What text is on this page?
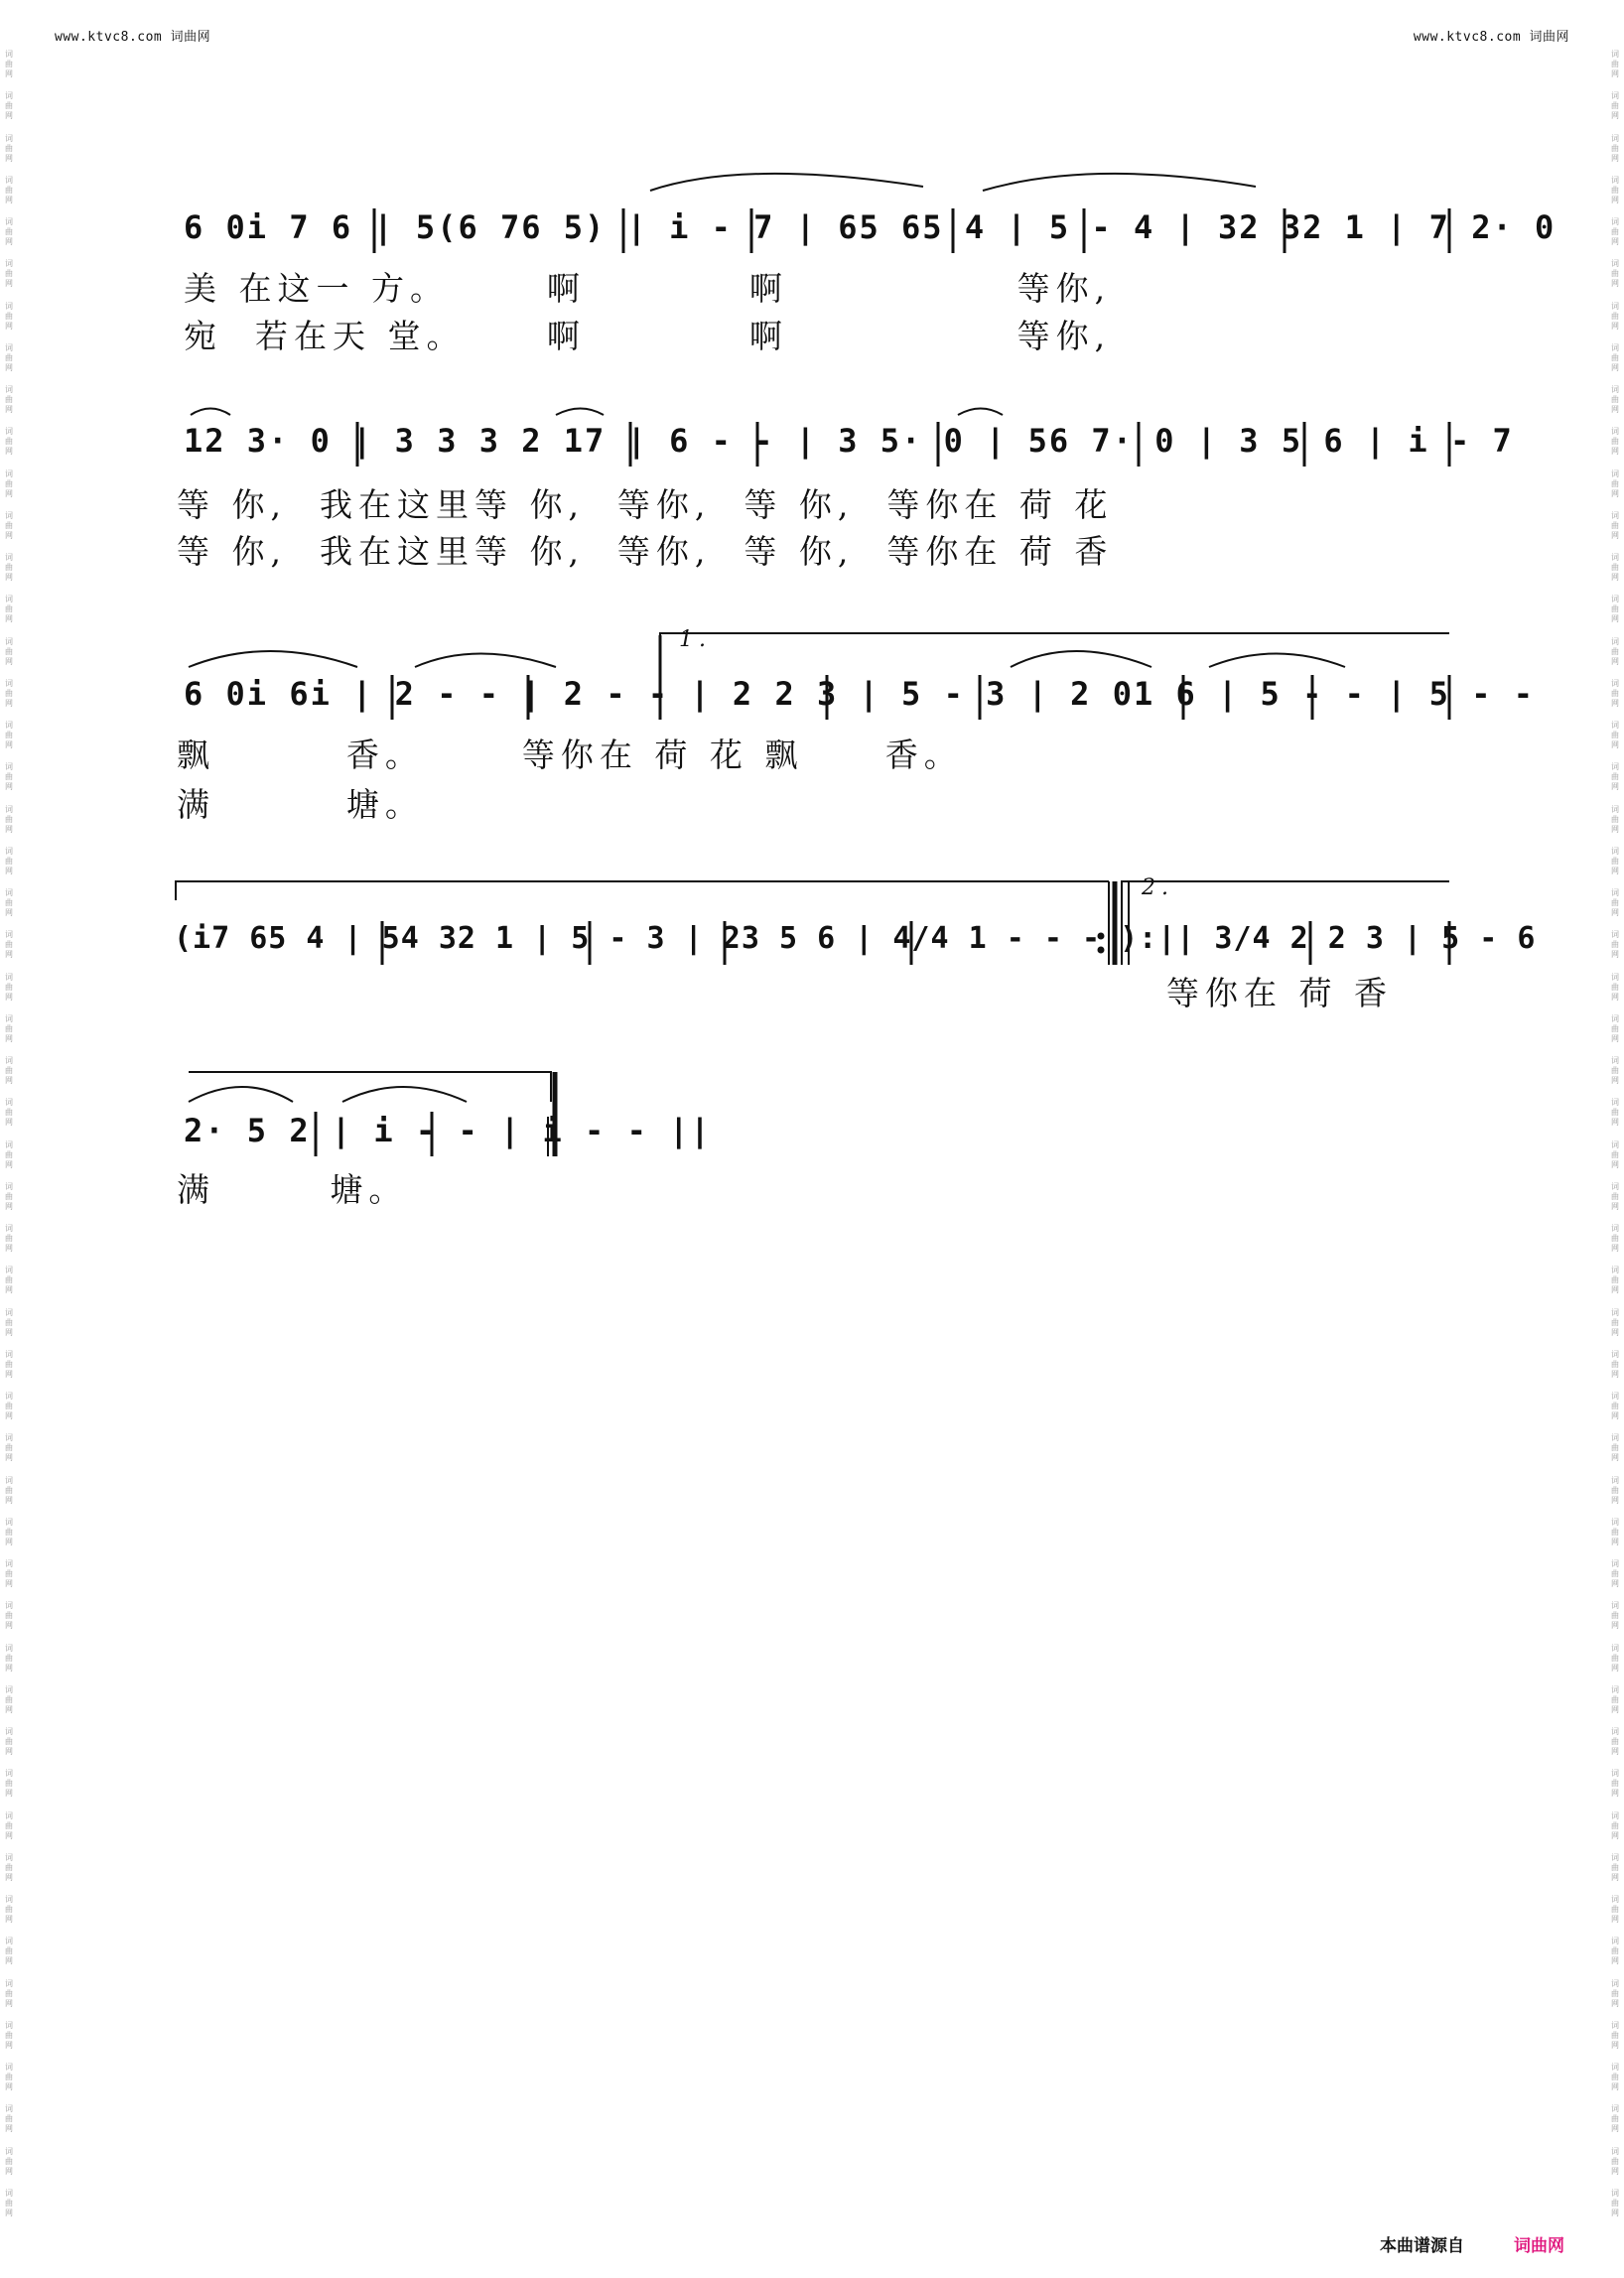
www.ktvc8.com 词曲网	www.ktvc8.com 词曲网
词曲网
词曲网
词曲网
词曲网
词曲网
词曲网
词曲网
词曲网
词曲网
词曲网
词曲网
词曲网
词曲网
词曲网
词曲网
词曲网
词曲网
词曲网
词曲网
词曲网
词曲网
词曲网
词曲网
词曲网
词曲网
词曲网
词曲网
词曲网
词曲网
词曲网
词曲网
词曲网
词曲网
词曲网
词曲网
词曲网
词曲网
词曲网
词曲网
词曲网
词曲网
词曲网
词曲网
词曲网
词曲网
词曲网
词曲网
词曲网
词曲网
词曲网
词曲网
词曲网
词曲网
词曲网
词曲网
词曲网
词曲网
词曲网
词曲网
词曲网
词曲网
词曲网
词曲网
词曲网
词曲网
词曲网
词曲网
词曲网
词曲网
词曲网
词曲网
词曲网
词曲网
词曲网
词曲网
词曲网
词曲网
词曲网
词曲网
词曲网
词曲网
词曲网
词曲网
词曲网
词曲网
词曲网
词曲网
词曲网
词曲网
词曲网
词曲网
词曲网
词曲网
词曲网
词曲网
词曲网
词曲网
词曲网
词曲网
词曲网
词曲网
词曲网
词曲网
词曲网
6 0i 7 6 | 5(6 76 5) | i - 7 | 65 65 4 | 5 - 4 | 32 32 1 | 7 2· 0
美 在这一 方。      啊          啊              等你,
宛  若在天 堂。     啊          啊              等你,
12 3· 0 | 3 3 3 2 17 | 6 - - | 3 5· 0 | 56 7· 0 | 3 5 6 | i - 7
等 你,  我在这里等 你,  等你,  等 你,  等你在 荷 花
等 你,  我在这里等 你,  等你,  等 你,  等你在 荷 香
1.
6 0i 6i | 2 - - | 2 - - | 2 2 3 | 5 - 3 | 2 01 6 | 5 - - | 5 - -
飘        香。      等你在 荷 花 飘     香。
满        塘。
2.
(i7 65 4 | 54 32 1 | 5 - 3 | 23 5 6 | 4/4 1 - - - ):|| 3/4 2 2 3 | 5 - 6
等你在 荷 香
2· 5 2 | i - - | i - - ||
满       塘。
本曲谱源自	词曲网
